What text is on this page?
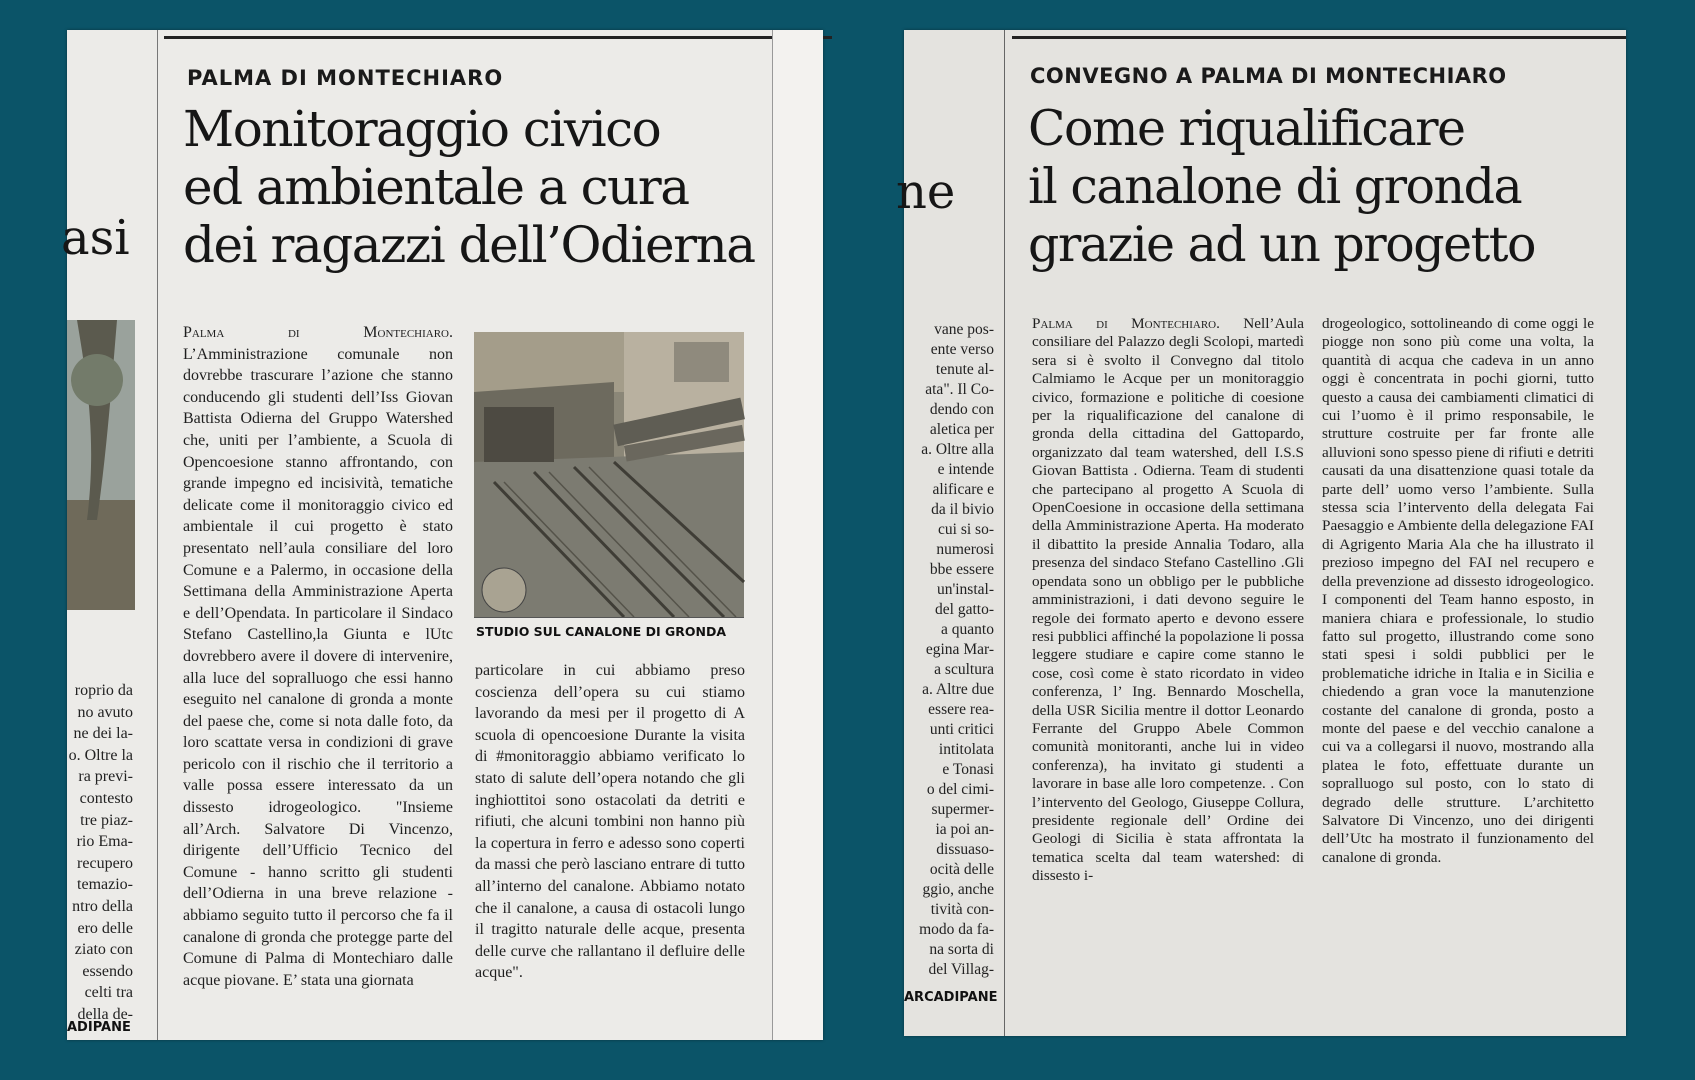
asi
roprio da
no avuto
ne dei la-
o. Oltre la
ra previ-
contesto
tre piaz-
rio Ema-
recupero
temazio-
ntro della
ero delle
ziato con
essendo
celti tra
della de-
ADIPANE
PALMA DI MONTECHIARO
Monitoraggio civico
ed ambientale a cura
dei ragazzi dell’Odierna
Palma di Montechiaro. L’Amministrazione comunale non dovrebbe trascurare l’azione che stanno conducendo gli studenti dell’Iss Giovan Battista Odierna del Gruppo Watershed che, uniti per l’ambiente, a Scuola di Opencoesione stanno affrontando, con grande impegno ed incisività, tematiche delicate come il monitoraggio civico ed ambientale il cui progetto è stato presentato nell’aula consiliare del loro Comune e a Palermo, in occasione della Settimana della Amministrazione Aperta e dell’Opendata. In particolare il Sindaco Stefano Castellino,la Giunta e lUtc dovrebbero avere il dovere di intervenire, alla luce del sopralluogo che essi hanno eseguito nel canalone di gronda a monte del paese che, come si nota dalle foto, da loro scattate versa in condizioni di grave pericolo con il rischio che il territorio a valle possa essere interessato da un dissesto idrogeologico. "Insieme all’Arch. Salvatore Di Vincenzo, dirigente dell’Ufficio Tecnico del Comune - hanno scritto gli studenti dell’Odierna in una breve relazione - abbiamo seguito tutto il percorso che fa il canalone di gronda che protegge parte del Comune di Palma di Montechiaro dalle acque piovane. E’ stata una giornata
STUDIO SUL CANALONE DI GRONDA
particolare in cui abbiamo preso coscienza dell’opera su cui stiamo lavorando da mesi per il progetto di A scuola di opencoesione Durante la visita di #monitoraggio abbiamo verificato lo stato di salute dell’opera notando che gli inghiottitoi sono ostacolati da detriti e rifiuti, che alcuni tombini non hanno più la copertura in ferro e adesso sono coperti da massi che però lasciano entrare di tutto all’interno del canalone. Abbiamo notato che il canalone, a causa di ostacoli lungo il tragitto naturale delle acque, presenta delle curve che rallantano il defluire delle acque".
ne
vane pos-
ente verso
tenute al-
ata". Il Co-
dendo con
aletica per
a. Oltre alla
e intende
alificare e
da il bivio
cui si so-
numerosi
bbe essere
un'instal-
del gatto-
a quanto
egina Mar-
a scultura
a. Altre due
essere rea-
unti critici
intitolata
e Tonasi
o del cimi-
supermer-
ia poi an-
dissuaso-
ocità delle
ggio, anche
tività con-
modo da fa-
na sorta di
del Villag-
ARCADIPANE
CONVEGNO A PALMA DI MONTECHIARO
Come riqualificare
il canalone di gronda
grazie ad un progetto
Palma di Montechiaro. Nell’Aula consiliare del Palazzo degli Scolopi, martedì sera si è svolto il Convegno dal titolo Calmiamo le Acque per un monitoraggio civico, formazione e politiche di coesione per la riqualificazione del canalone di gronda della cittadina del Gattopardo, organizzato dal team watershed, dell I.S.S Giovan Battista . Odierna. Team di studenti che partecipano al progetto A Scuola di OpenCoesione in occasione della settimana della Amministrazione Aperta. Ha moderato il dibattito la preside Annalia Todaro, alla presenza del sindaco Stefano Castellino .Gli opendata sono un obbligo per le pubbliche amministrazioni, i dati devono seguire le regole dei formato aperto e devono essere resi pubblici affinché la popolazione li possa leggere studiare e capire come stanno le cose, così come è stato ricordato in video conferenza, l’ Ing. Bennardo Moschella, della USR Sicilia mentre il dottor Leonardo Ferrante del Gruppo Abele Common comunità monitoranti, anche lui in video conferenza), ha invitato gi studenti a lavorare in base alle loro competenze. . Con l’intervento del Geologo, Giuseppe Collura, presidente regionale dell’ Ordine dei Geologi di Sicilia è stata affrontata la tematica scelta dal team watershed: di dissesto i-
drogeologico, sottolineando di come oggi le piogge non sono più come una volta, la quantità di acqua che cadeva in un anno oggi è concentrata in pochi giorni, tutto questo a causa dei cambiamenti climatici di cui l’uomo è il primo responsabile, le strutture costruite per far fronte alle alluvioni sono spesso piene di rifiuti e detriti causati da una disattenzione quasi totale da parte dell’ uomo verso l’ambiente. Sulla stessa scia l’intervento della delegata Fai Paesaggio e Ambiente della delegazione FAI di Agrigento Maria Ala che ha illustrato il prezioso impegno del FAI nel recupero e della prevenzione ad dissesto idrogeologico. I componenti del Team hanno esposto, in maniera chiara e professionale, lo studio fatto sul progetto, illustrando come sono stati spesi i soldi pubblici per le problematiche idriche in Italia e in Sicilia e chiedendo a gran voce la manutenzione costante del canalone di gronda, posto a monte del paese e del vecchio canalone a cui va a collegarsi il nuovo, mostrando alla platea le foto, effettuate durante un sopralluogo sul posto, con lo stato di degrado delle strutture. L’architetto Salvatore Di Vincenzo, uno dei dirigenti dell’Utc ha mostrato il funzionamento del canalone di gronda.
